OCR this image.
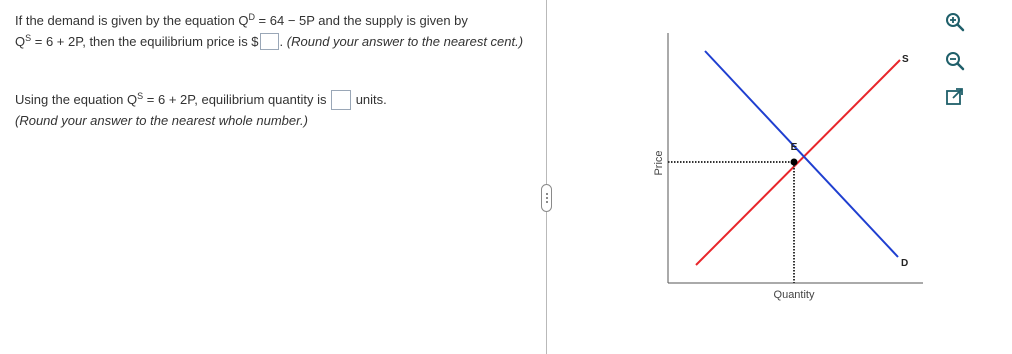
If the demand is given by the equation $Q^D = 64 - 5P$ and the supply is given by
$Q^S = 6 + 2P$, then the equilibrium price is $ . (Round your answer to the nearest cent.)
Using the equation $Q^S = 6 + 2P$, equilibrium quantity is  units.
(Round your answer to the nearest whole number.)
E
S
D
Quantity
Price
